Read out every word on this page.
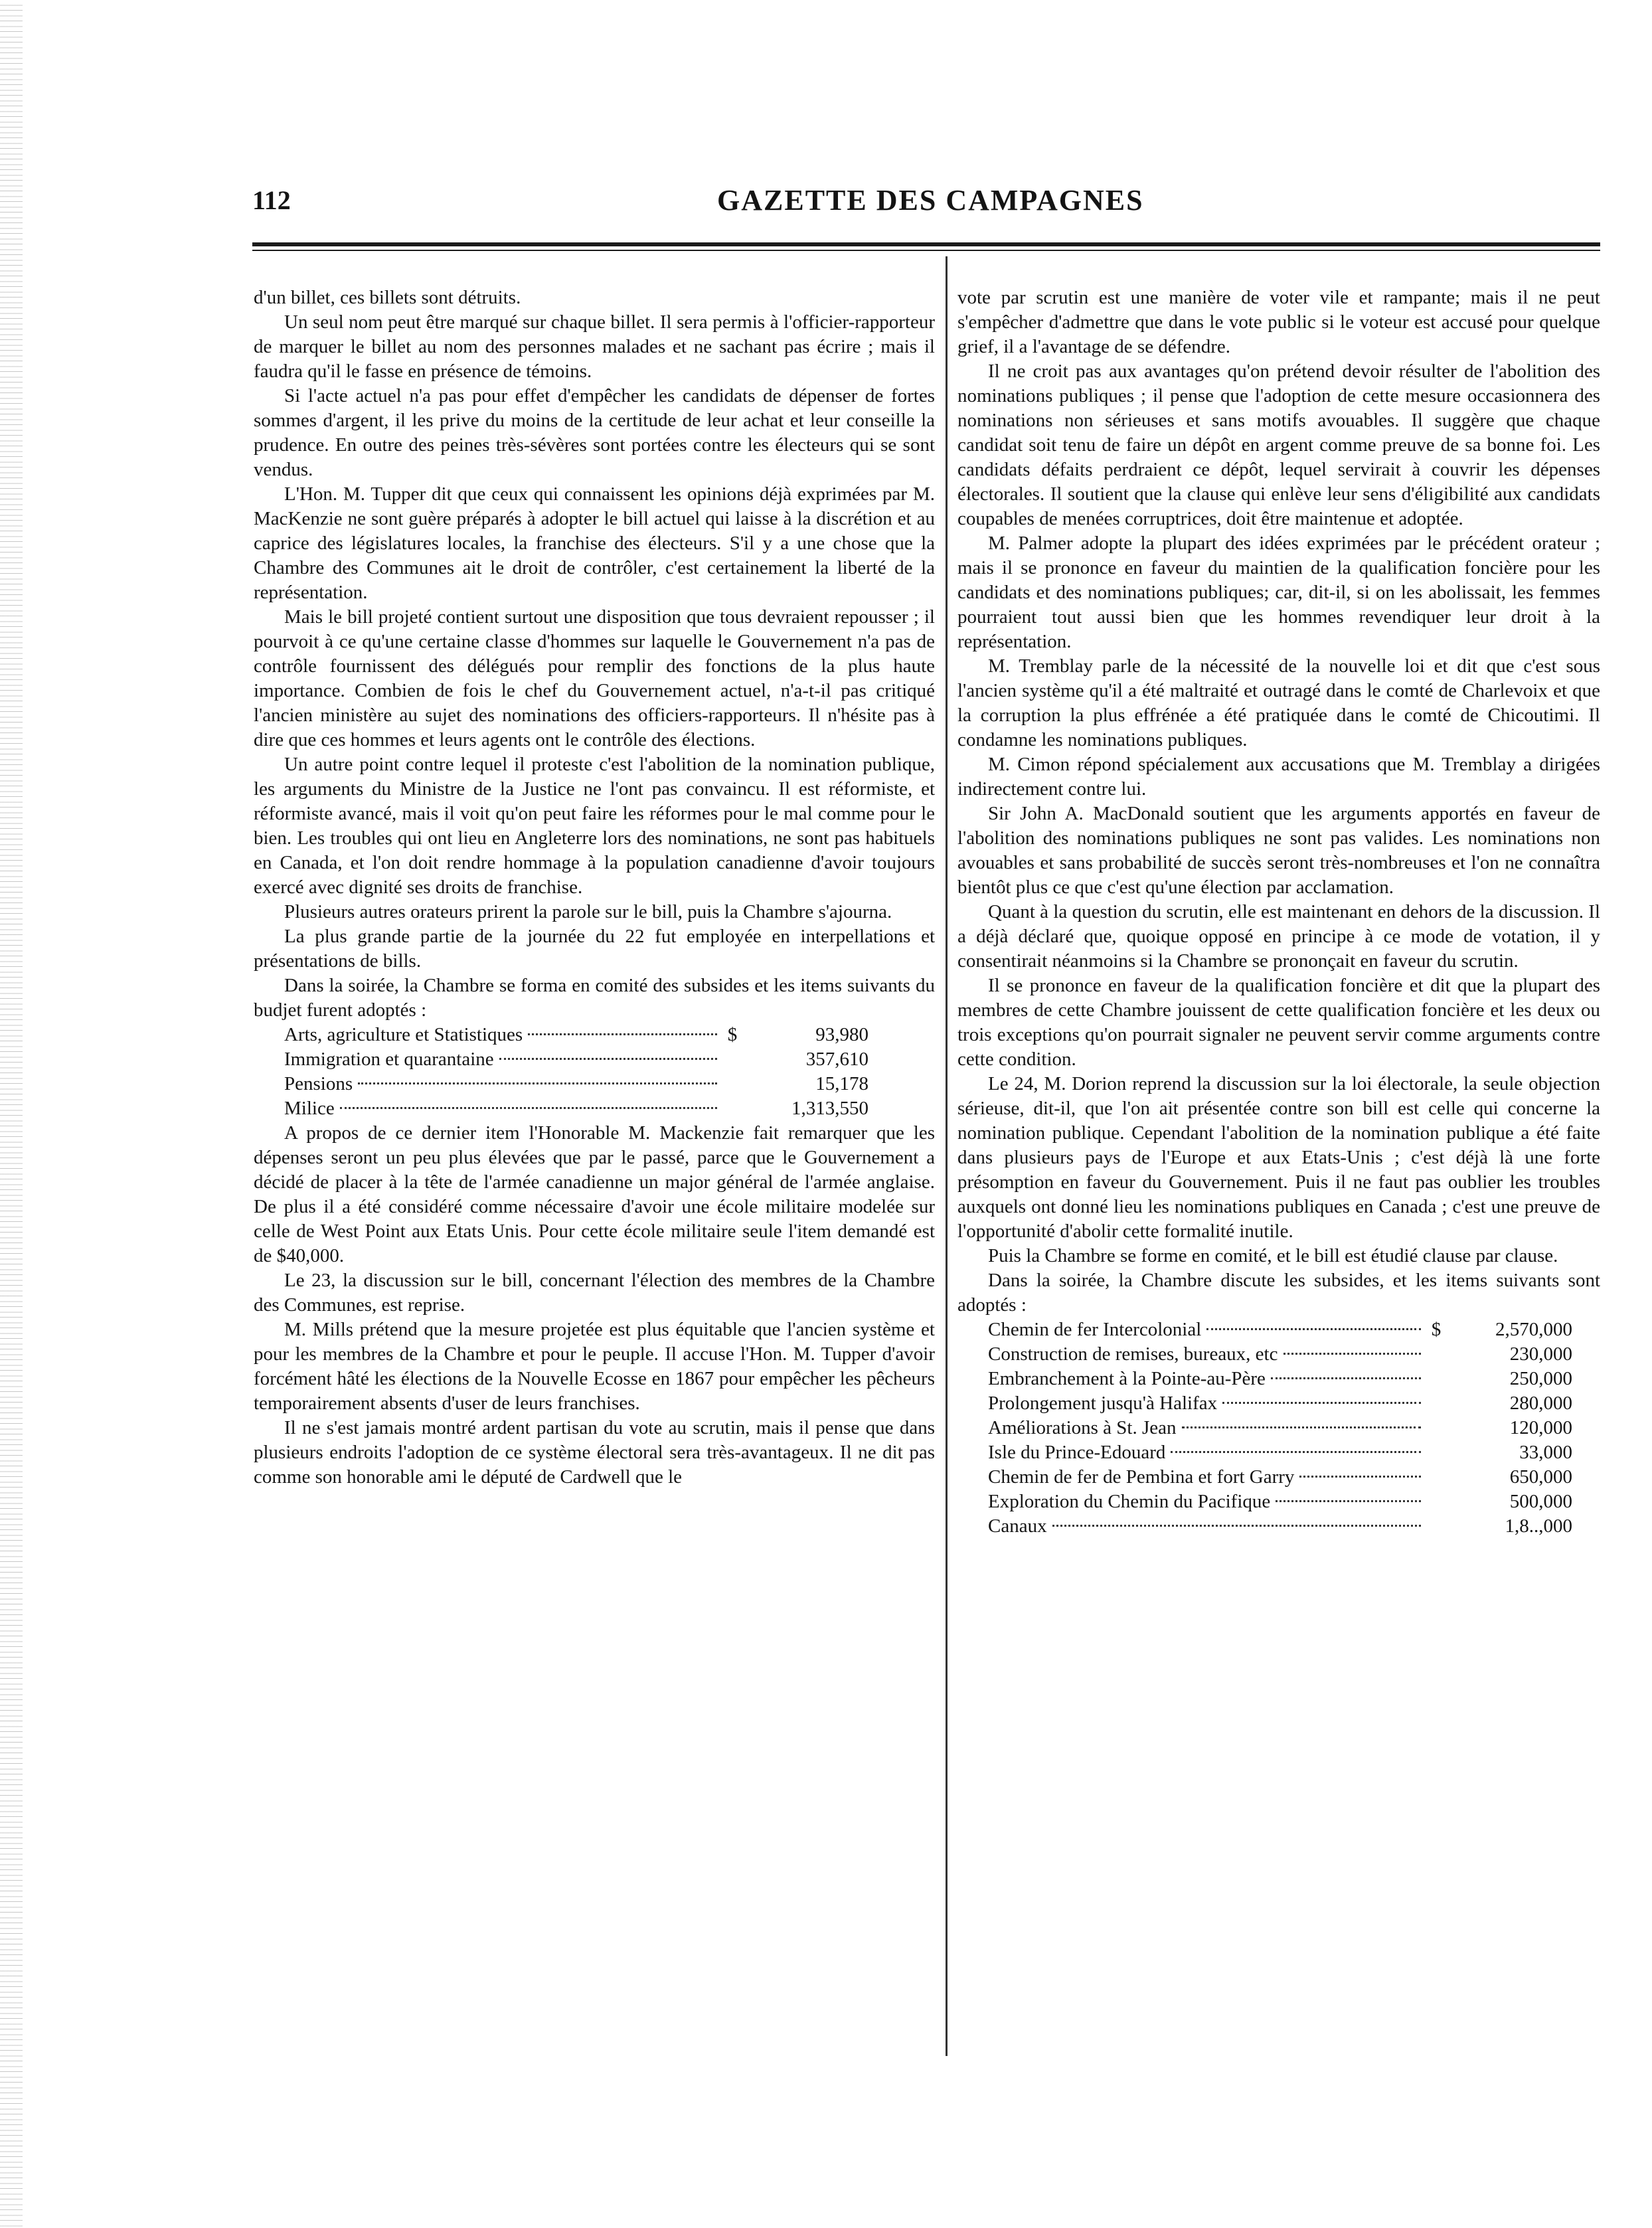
112	GAZETTE DES CAMPAGNES

d'un billet, ces billets sont détruits.

Un seul nom peut être marqué sur chaque billet. Il sera permis à l'officier-rapporteur de marquer le billet au nom des personnes malades et ne sachant pas écrire ; mais il faudra qu'il le fasse en présence de témoins.

Si l'acte actuel n'a pas pour effet d'empêcher les candidats de dépenser de fortes sommes d'argent, il les prive du moins de la certitude de leur achat et leur conseille la prudence. En outre des peines très-sévères sont portées contre les électeurs qui se sont vendus.

L'Hon. M. Tupper dit que ceux qui connaissent les opinions déjà exprimées par M. MacKenzie ne sont guère préparés à adopter le bill actuel qui laisse à la discrétion et au caprice des législatures locales, la franchise des électeurs. S'il y a une chose que la Chambre des Communes ait le droit de contrôler, c'est certainement la liberté de la représentation.

Mais le bill projeté contient surtout une disposition que tous devraient repousser ; il pourvoit à ce qu'une certaine classe d'hommes sur laquelle le Gouvernement n'a pas de contrôle fournissent des délégués pour remplir des fonctions de la plus haute importance. Combien de fois le chef du Gouvernement actuel, n'a-t-il pas critiqué l'ancien ministère au sujet des nominations des officiers-rapporteurs. Il n'hésite pas à dire que ces hommes et leurs agents ont le contrôle des élections.

Un autre point contre lequel il proteste c'est l'abolition de la nomination publique, les arguments du Ministre de la Justice ne l'ont pas convaincu. Il est réformiste, et réformiste avancé, mais il voit qu'on peut faire les réformes pour le mal comme pour le bien. Les troubles qui ont lieu en Angleterre lors des nominations, ne sont pas habituels en Canada, et l'on doit rendre hommage à la population canadienne d'avoir toujours exercé avec dignité ses droits de franchise.

Plusieurs autres orateurs prirent la parole sur le bill, puis la Chambre s'ajourna.

La plus grande partie de la journée du 22 fut employée en interpellations et présentations de bills.

Dans la soirée, la Chambre se forma en comité des subsides et les items suivants du budjet furent adoptés :

Arts, agriculture et Statistiques	$	93,980
Immigration et quarantaine	357,610
Pensions	15,178
Milice	1,313,550

A propos de ce dernier item l'Honorable M. Mackenzie fait remarquer que les dépenses seront un peu plus élevées que par le passé, parce que le Gouvernement a décidé de placer à la tête de l'armée canadienne un major général de l'armée anglaise. De plus il a été considéré comme nécessaire d'avoir une école militaire modelée sur celle de West Point aux Etats Unis. Pour cette école militaire seule l'item demandé est de $40,000.

Le 23, la discussion sur le bill, concernant l'élection des membres de la Chambre des Communes, est reprise.

M. Mills prétend que la mesure projetée est plus équitable que l'ancien système et pour les membres de la Chambre et pour le peuple. Il accuse l'Hon. M. Tupper d'avoir forcément hâté les élections de la Nouvelle Ecosse en 1867 pour empêcher les pêcheurs temporairement absents d'user de leurs franchises.

Il ne s'est jamais montré ardent partisan du vote au scrutin, mais il pense que dans plusieurs endroits l'adoption de ce système électoral sera très-avantageux. Il ne dit pas comme son honorable ami le député de Cardwell que le

vote par scrutin est une manière de voter vile et rampante; mais il ne peut s'empêcher d'admettre que dans le vote public si le voteur est accusé pour quelque grief, il a l'avantage de se défendre.

Il ne croit pas aux avantages qu'on prétend devoir résulter de l'abolition des nominations publiques ; il pense que l'adoption de cette mesure occasionnera des nominations non sérieuses et sans motifs avouables. Il suggère que chaque candidat soit tenu de faire un dépôt en argent comme preuve de sa bonne foi. Les candidats défaits perdraient ce dépôt, lequel servirait à couvrir les dépenses électorales. Il soutient que la clause qui enlève leur sens d'éligibilité aux candidats coupables de menées corruptrices, doit être maintenue et adoptée.

M. Palmer adopte la plupart des idées exprimées par le précédent orateur ; mais il se prononce en faveur du maintien de la qualification foncière pour les candidats et des nominations publiques; car, dit-il, si on les abolissait, les femmes pourraient tout aussi bien que les hommes revendiquer leur droit à la représentation.

M. Tremblay parle de la nécessité de la nouvelle loi et dit que c'est sous l'ancien système qu'il a été maltraité et outragé dans le comté de Charlevoix et que la corruption la plus effrénée a été pratiquée dans le comté de Chicoutimi. Il condamne les nominations publiques.

M. Cimon répond spécialement aux accusations que M. Tremblay a dirigées indirectement contre lui.

Sir John A. MacDonald soutient que les arguments apportés en faveur de l'abolition des nominations publiques ne sont pas valides. Les nominations non avouables et sans probabilité de succès seront très-nombreuses et l'on ne connaîtra bientôt plus ce que c'est qu'une élection par acclamation.

Quant à la question du scrutin, elle est maintenant en dehors de la discussion. Il a déjà déclaré que, quoique opposé en principe à ce mode de votation, il y consentirait néanmoins si la Chambre se prononçait en faveur du scrutin.

Il se prononce en faveur de la qualification foncière et dit que la plupart des membres de cette Chambre jouissent de cette qualification foncière et les deux ou trois exceptions qu'on pourrait signaler ne peuvent servir comme arguments contre cette condition.

Le 24, M. Dorion reprend la discussion sur la loi électorale, la seule objection sérieuse, dit-il, que l'on ait présentée contre son bill est celle qui concerne la nomination publique. Cependant l'abolition de la nomination publique a été faite dans plusieurs pays de l'Europe et aux Etats-Unis ; c'est déjà là une forte présomption en faveur du Gouvernement. Puis il ne faut pas oublier les troubles auxquels ont donné lieu les nominations publiques en Canada ; c'est une preuve de l'opportunité d'abolir cette formalité inutile.

Puis la Chambre se forme en comité, et le bill est étudié clause par clause.

Dans la soirée, la Chambre discute les subsides, et les items suivants sont adoptés :

Chemin de fer Intercolonial	$	2,570,000
Construction de remises, bureaux, etc	230,000
Embranchement à la Pointe-au-Père	250,000
Prolongement jusqu'à Halifax	280,000
Améliorations à St. Jean	120,000
Isle du Prince-Edouard	33,000
Chemin de fer de Pembina et fort Garry	650,000
Exploration du Chemin du Pacifique	500,000
Canaux	1,8..,000
